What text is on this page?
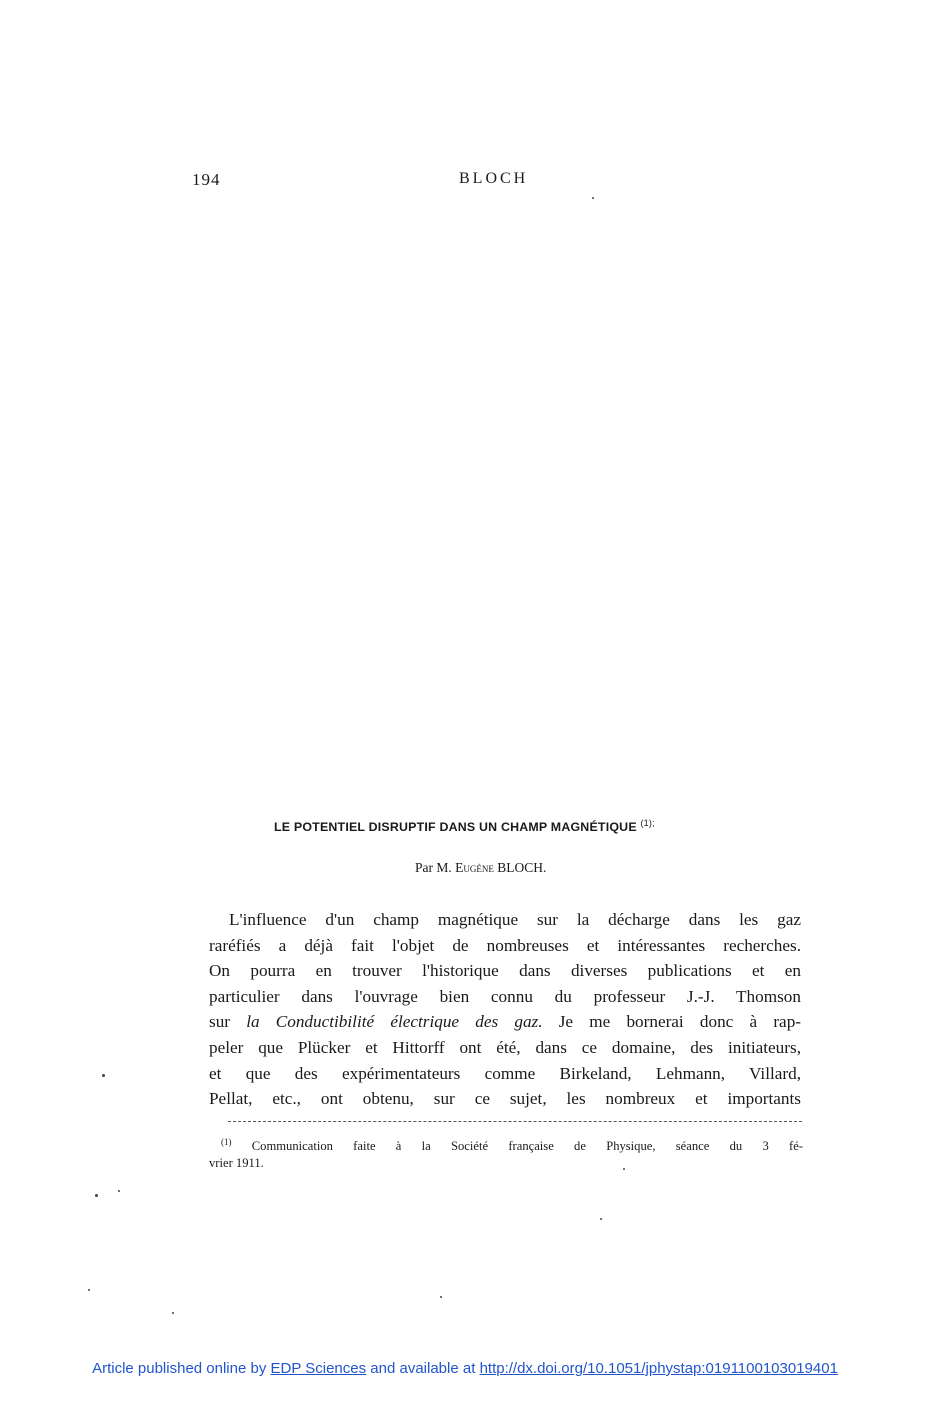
194	BLOCH
LE POTENTIEL DISRUPTIF DANS UN CHAMP MAGNÉTIQUE $^{(1);}$
Par M. Eugène BLOCH.
L'influence d'un champ magnétique sur la décharge dans les gaz
raréfiés a déjà fait l'objet de nombreuses et intéressantes recherches.
On pourra en trouver l'historique dans diverses publications et en
particulier dans l'ouvrage bien connu du professeur J.-J. Thomson
sur la Conductibilité électrique des gaz. Je me bornerai donc à rap-
peler que Plücker et Hittorff ont été, dans ce domaine, des initiateurs,
et que des expérimentateurs comme Birkeland, Lehmann, Villard,
Pellat, etc., ont obtenu, sur ce sujet, les nombreux et importants
$^{(1)}$ Communication faite à la Société française de Physique, séance du 3 fé-
vrier 1911.
Article published online by EDP Sciences and available at http://dx.doi.org/10.1051/jphystap:0191100103019401
